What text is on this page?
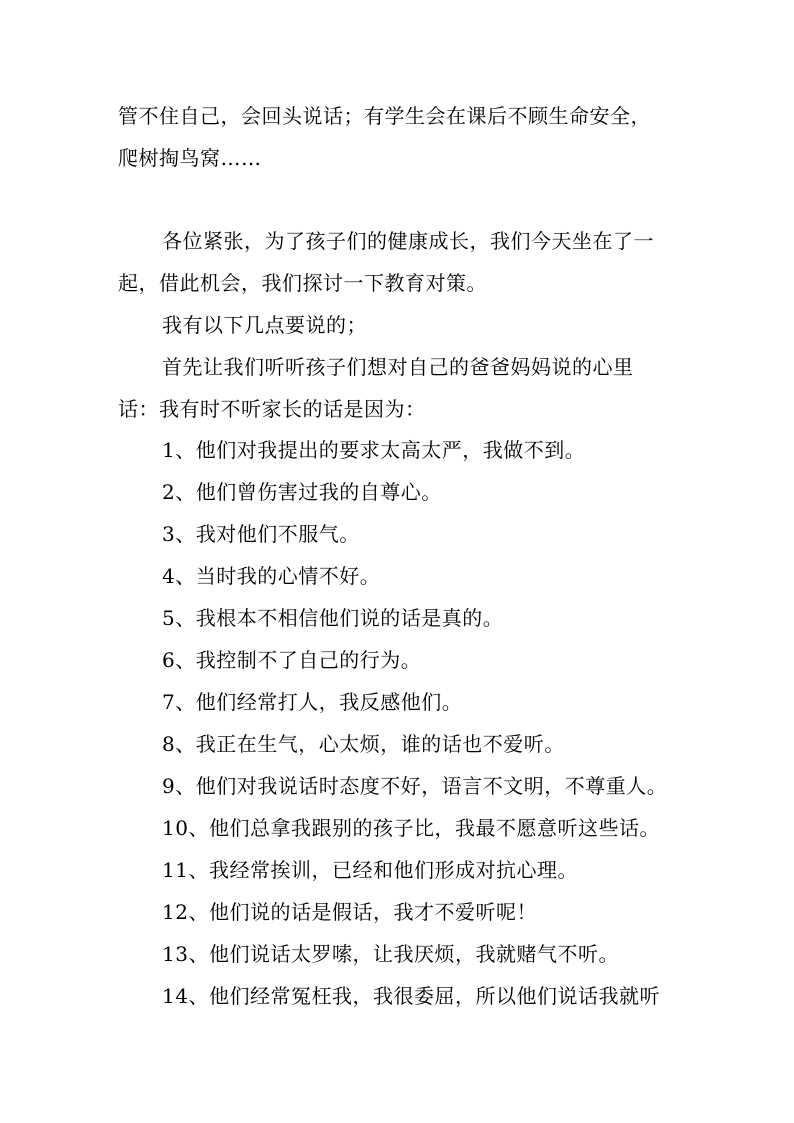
管不住自己，会回头说话；有学生会在课后不顾生命安全，
爬树掏鸟窝……
各位紧张，为了孩子们的健康成长，我们今天坐在了一
起，借此机会，我们探讨一下教育对策。
我有以下几点要说的；
首先让我们听听孩子们想对自己的爸爸妈妈说的心里
话：我有时不听家长的话是因为：
1、他们对我提出的要求太高太严，我做不到。
2、他们曾伤害过我的自尊心。
3、我对他们不服气。
4、当时我的心情不好。
5、我根本不相信他们说的话是真的。
6、我控制不了自己的行为。
7、他们经常打人，我反感他们。
8、我正在生气，心太烦，谁的话也不爱听。
9、他们对我说话时态度不好，语言不文明，不尊重人。
10、他们总拿我跟别的孩子比，我最不愿意听这些话。
11、我经常挨训，已经和他们形成对抗心理。
12、他们说的话是假话，我才不爱听呢！
13、他们说话太罗嗦，让我厌烦，我就赌气不听。
14、他们经常冤枉我，我很委屈，所以他们说话我就听
